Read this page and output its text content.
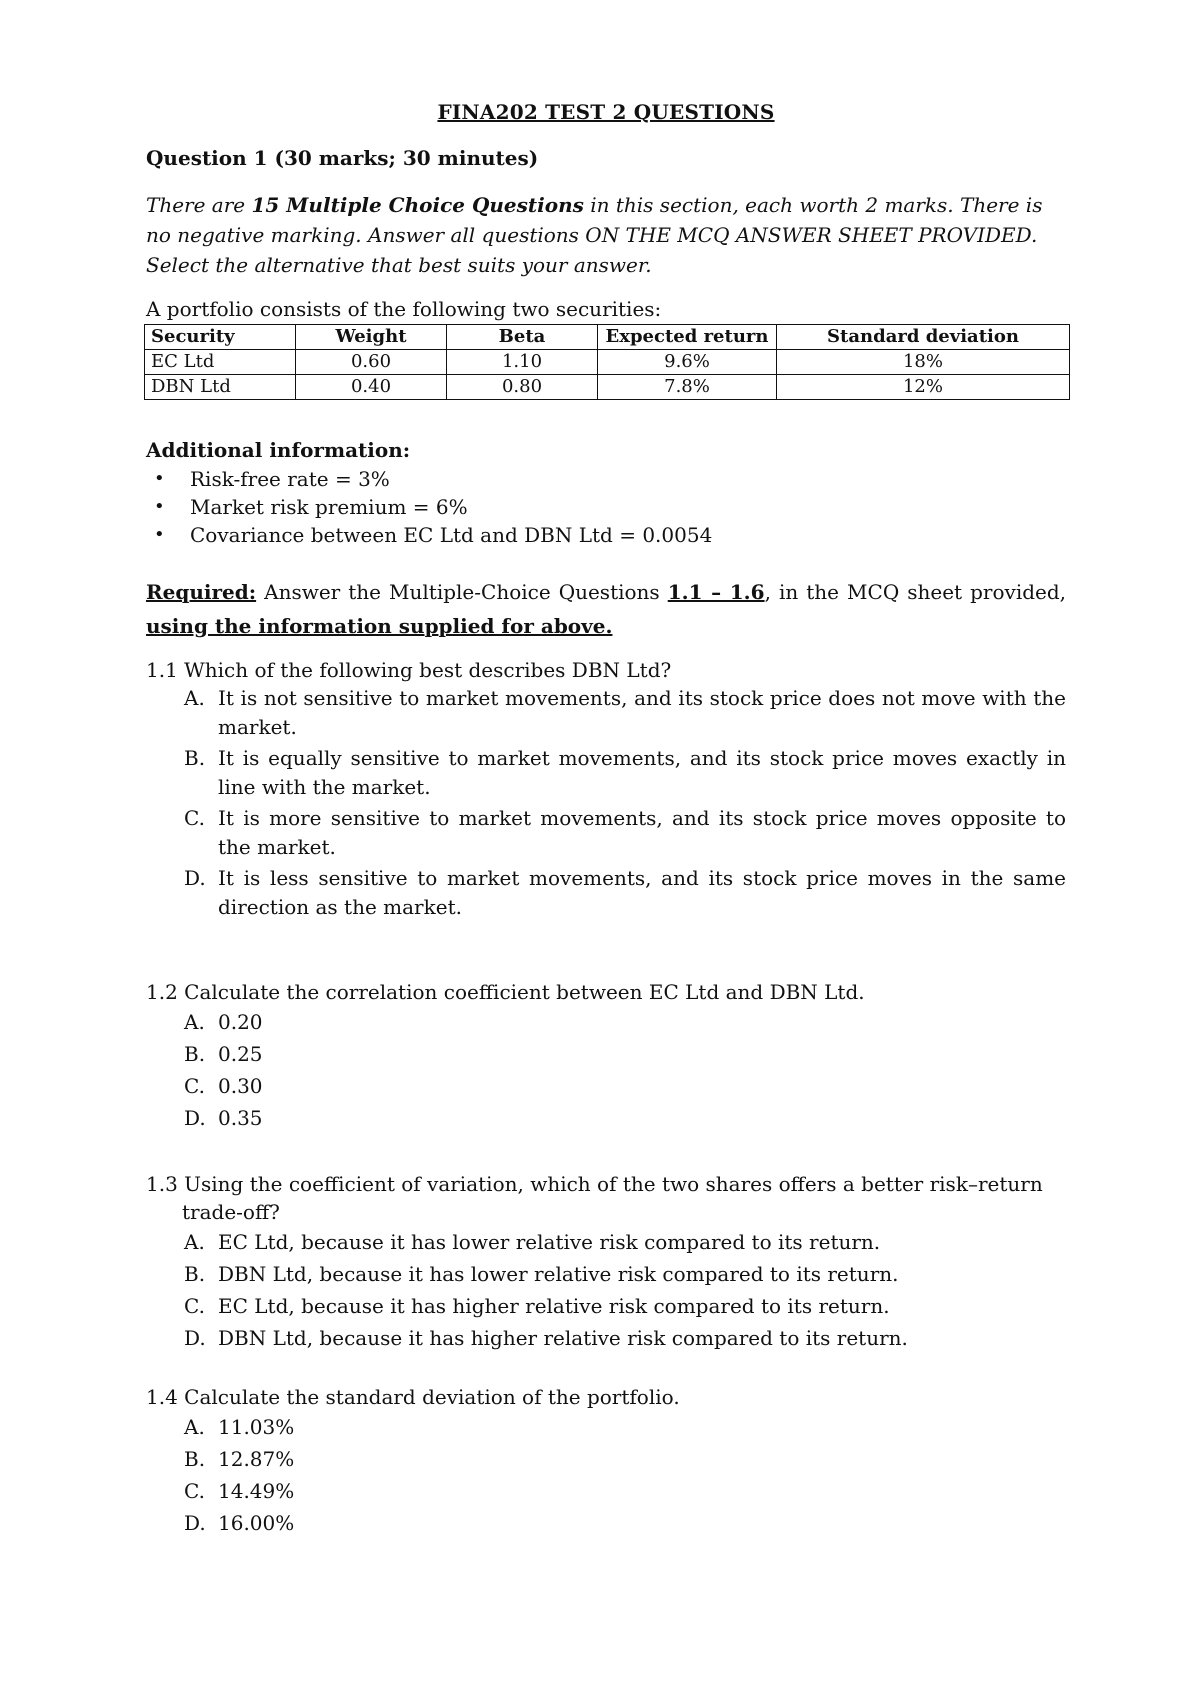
FINA202 TEST 2 QUESTIONS
Question 1 (30 marks; 30 minutes)
There are 15 Multiple Choice Questions in this section, each worth 2 marks. There is no negative marking. Answer all questions ON THE MCQ ANSWER SHEET PROVIDED. Select the alternative that best suits your answer.
A portfolio consists of the following two securities:
Security	Weight	Beta	Expected return	Standard deviation
EC Ltd	0.60	1.10	9.6%	18%
DBN Ltd	0.40	0.80	7.8%	12%
Additional information:
• Risk-free rate = 3%
• Market risk premium = 6%
• Covariance between EC Ltd and DBN Ltd = 0.0054
Required: Answer the Multiple-Choice Questions 1.1 – 1.6, in the MCQ sheet provided, using the information supplied for above.
1.1 Which of the following best describes DBN Ltd?
A. It is not sensitive to market movements, and its stock price does not move with the market.
B. It is equally sensitive to market movements, and its stock price moves exactly in line with the market.
C. It is more sensitive to market movements, and its stock price moves opposite to the market.
D. It is less sensitive to market movements, and its stock price moves in the same direction as the market.
1.2 Calculate the correlation coefficient between EC Ltd and DBN Ltd.
A. 0.20
B. 0.25
C. 0.30
D. 0.35
1.3 Using the coefficient of variation, which of the two shares offers a better risk–return trade-off?
A. EC Ltd, because it has lower relative risk compared to its return.
B. DBN Ltd, because it has lower relative risk compared to its return.
C. EC Ltd, because it has higher relative risk compared to its return.
D. DBN Ltd, because it has higher relative risk compared to its return.
1.4 Calculate the standard deviation of the portfolio.
A. 11.03%
B. 12.87%
C. 14.49%
D. 16.00%
